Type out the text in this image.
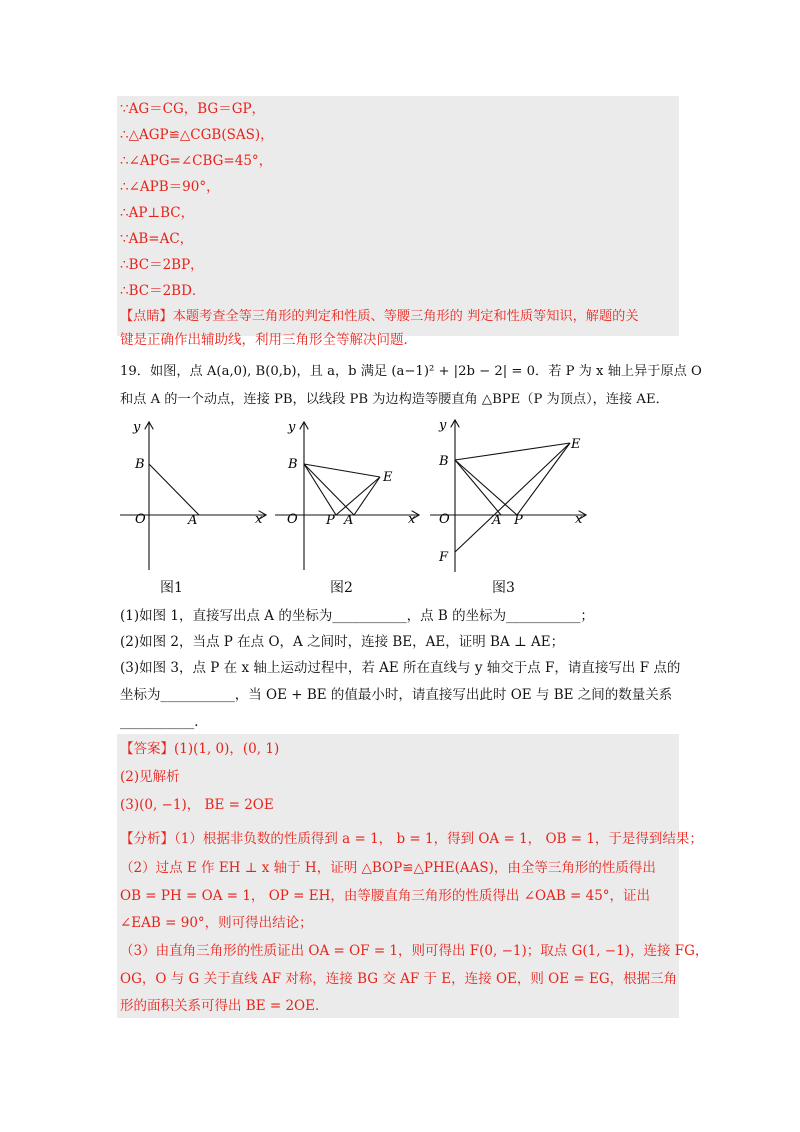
∵AG＝CG，BG＝GP，
∴△AGP≌△CGB(SAS)，
∴∠APG=∠CBG=45°，
∴∠APB＝90°，
∴AP⊥BC，
∵AB=AC，
∴BC＝2BP，
∴BC＝2BD．
【点睛】本题考查全等三角形的判定和性质、等腰三角形的 判定和性质等知识，解题的关
键是正确作出辅助线，利用三角形全等解决问题．
19．如图，点 A(a,0), B(0,b)，且 a，b 满足 (a−1)² + |2b − 2| = 0．若 P 为 x 轴上异于原点 O
和点 A 的一个动点，连接 PB，以线段 PB 为边构造等腰直角 △BPE（P 为顶点），连接 AE．
y
x
B
O	A
图1
y
x
B
E
O P A
图2
y
x
B
E
O	A P
F
图3
(1)如图 1，直接写出点 A 的坐标为___________，点 B 的坐标为___________；
(2)如图 2，当点 P 在点 O，A 之间时，连接 BE，AE，证明 BA ⊥ AE；
(3)如图 3，点 P 在 x 轴上运动过程中，若 AE 所在直线与 y 轴交于点 F，请直接写出 F 点的
坐标为___________，当 OE + BE 的值最小时，请直接写出此时 OE 与 BE 之间的数量关系
___________．
【答案】(1)(1, 0)，(0, 1)
(2)见解析
(3)(0, −1)， BE = 2OE
【分析】（1）根据非负数的性质得到 a = 1， b = 1，得到 OA = 1， OB = 1，于是得到结果；
（2）过点 E 作 EH ⊥ x 轴于 H，证明 △BOP≌△PHE(AAS)，由全等三角形的性质得出
OB = PH = OA = 1， OP = EH，由等腰直角三角形的性质得出 ∠OAB = 45°，证出
∠EAB = 90°，则可得出结论；
（3）由直角三角形的性质证出 OA = OF = 1，则可得出 F(0, −1)；取点 G(1, −1)，连接 FG，
OG，O 与 G 关于直线 AF 对称，连接 BG 交 AF 于 E，连接 OE，则 OE = EG，根据三角
形的面积关系可得出 BE = 2OE．
